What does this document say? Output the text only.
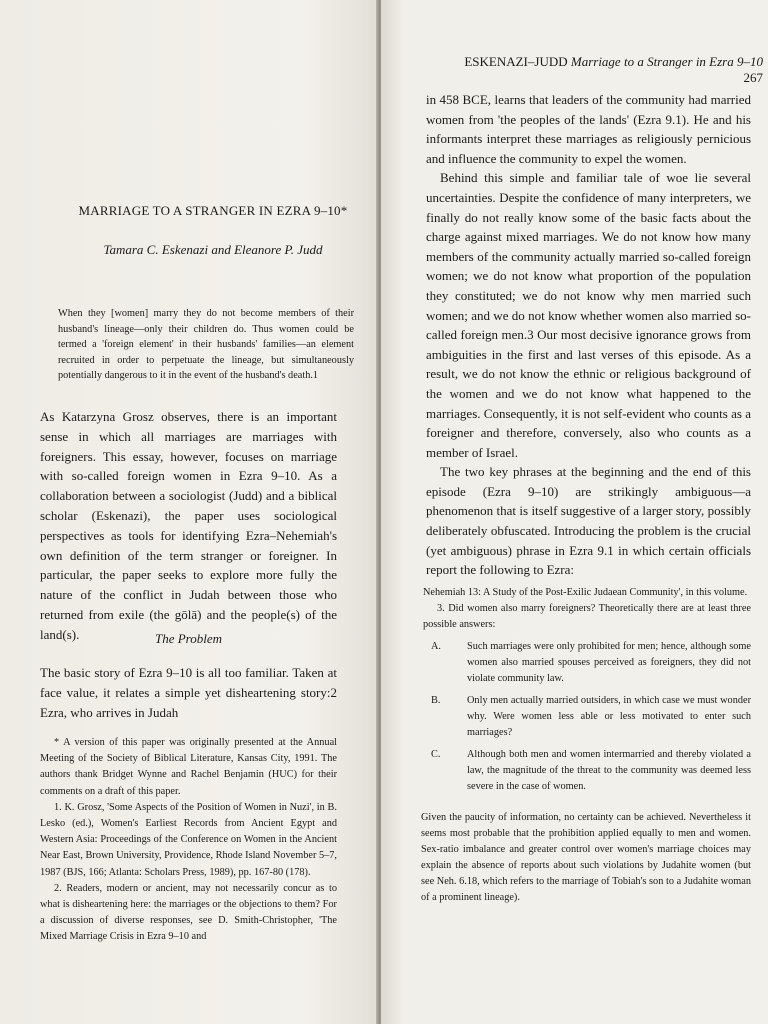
MARRIAGE TO A STRANGER IN EZRA 9–10*
Tamara C. Eskenazi and Eleanore P. Judd

When they [women] marry they do not become members of their husband's lineage—only their children do. Thus women could be termed a 'foreign element' in their husbands' families—an element recruited in order to perpetuate the lineage, but simultaneously potentially dangerous to it in the event of the husband's death.1

As Katarzyna Grosz observes, there is an important sense in which all marriages are marriages with foreigners. This essay, however, focuses on marriage with so-called foreign women in Ezra 9–10. As a collaboration between a sociologist (Judd) and a biblical scholar (Eskenazi), the paper uses sociological perspectives as tools for identifying Ezra–Nehemiah's own definition of the term stranger or foreigner. In particular, the paper seeks to explore more fully the nature of the conflict in Judah between those who returned from exile (the gōlā) and the people(s) of the land(s).	The Problem

The basic story of Ezra 9–10 is all too familiar. Taken at face value, it relates a simple yet disheartening story:2 Ezra, who arrives in Judah

* A version of this paper was originally presented at the Annual Meeting of the Society of Biblical Literature, Kansas City, 1991. The authors thank Bridget Wynne and Rachel Benjamin (HUC) for their comments on a draft of this paper.

1. K. Grosz, 'Some Aspects of the Position of Women in Nuzi', in B. Lesko (ed.), Women's Earliest Records from Ancient Egypt and Western Asia: Proceedings of the Conference on Women in the Ancient Near East, Brown University, Providence, Rhode Island November 5–7, 1987 (BJS, 166; Atlanta: Scholars Press, 1989), pp. 167-80 (178).

2. Readers, modern or ancient, may not necessarily concur as to what is disheartening here: the marriages or the objections to them? For a discussion of diverse responses, see D. Smith-Christopher, 'The Mixed Marriage Crisis in Ezra 9–10 and

ESKENAZI–JUDD Marriage to a Stranger in Ezra 9–10 267

in 458 BCE, learns that leaders of the community had married women from 'the peoples of the lands' (Ezra 9.1). He and his informants interpret these marriages as religiously pernicious and influence the community to expel the women.

Behind this simple and familiar tale of woe lie several uncertainties. Despite the confidence of many interpreters, we finally do not really know some of the basic facts about the charge against mixed marriages. We do not know how many members of the community actually married so-called foreign women; we do not know what proportion of the population they constituted; we do not know why men married such women; and we do not know whether women also married so-called foreign men.3 Our most decisive ignorance grows from ambiguities in the first and last verses of this episode. As a result, we do not know the ethnic or religious background of the women and we do not know what happened to the marriages. Consequently, it is not self-evident who counts as a foreigner and therefore, conversely, also who counts as a member of Israel.

The two key phrases at the beginning and the end of this episode (Ezra 9–10) are strikingly ambiguous—a phenomenon that is itself suggestive of a larger story, possibly deliberately obfuscated. Introducing the problem is the crucial (yet ambiguous) phrase in Ezra 9.1 in which certain officials report the following to Ezra:

Nehemiah 13: A Study of the Post-Exilic Judaean Community', in this volume.

3. Did women also marry foreigners? Theoretically there are at least three possible answers:

A.	Such marriages were only prohibited for men; hence, although some women also married spouses perceived as foreigners, they did not violate community law.
B.	Only men actually married outsiders, in which case we must wonder why. Were women less able or less motivated to enter such marriages?
C.	Although both men and women intermarried and thereby violated a law, the magnitude of the threat to the community was deemed less severe in the case of women.

Given the paucity of information, no certainty can be achieved. Nevertheless it seems most probable that the prohibition applied equally to men and women. Sex-ratio imbalance and greater control over women's marriage choices may explain the absence of reports about such violations by Judahite women (but see Neh. 6.18, which refers to the marriage of Tobiah's son to a Judahite woman of a prominent lineage).
